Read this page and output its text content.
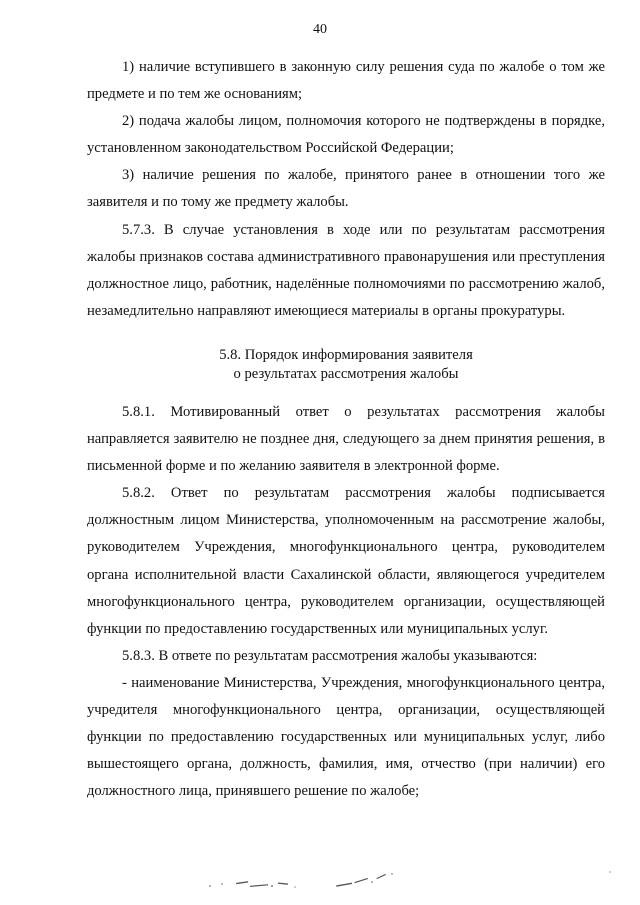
40

1) наличие вступившего в законную силу решения суда по жалобе о том же предмете и по тем же основаниям;

2) подача жалобы лицом, полномочия которого не подтверждены в порядке, установленном законодательством Российской Федерации;

3) наличие решения по жалобе, принятого ранее в отношении того же заявителя и по тому же предмету жалобы.

5.7.3. В случае установления в ходе или по результатам рассмотрения жалобы признаков состава административного правонарушения или преступления должностное лицо, работник, наделённые полномочиями по рассмотрению жалоб, незамедлительно направляют имеющиеся материалы в органы прокуратуры.

5.8. Порядок информирования заявителя
о результатах рассмотрения жалобы

5.8.1. Мотивированный ответ о результатах рассмотрения жалобы направляется заявителю не позднее дня, следующего за днем принятия решения, в письменной форме и по желанию заявителя в электронной форме.

5.8.2. Ответ по результатам рассмотрения жалобы подписывается должностным лицом Министерства, уполномоченным на рассмотрение жалобы, руководителем Учреждения, многофункционального центра, руководителем органа исполнительной власти Сахалинской области, являющегося учредителем многофункционального центра, руководителем организации, осуществляющей функции по предоставлению государственных или муниципальных услуг.

5.8.3. В ответе по результатам рассмотрения жалобы указываются:

- наименование Министерства, Учреждения, многофункционального центра, учредителя многофункционального центра, организации, осуществляющей функции по предоставлению государственных или муниципальных услуг, либо вышестоящего органа, должность, фамилия, имя, отчество (при наличии) его должностного лица, принявшего решение по жалобе;
